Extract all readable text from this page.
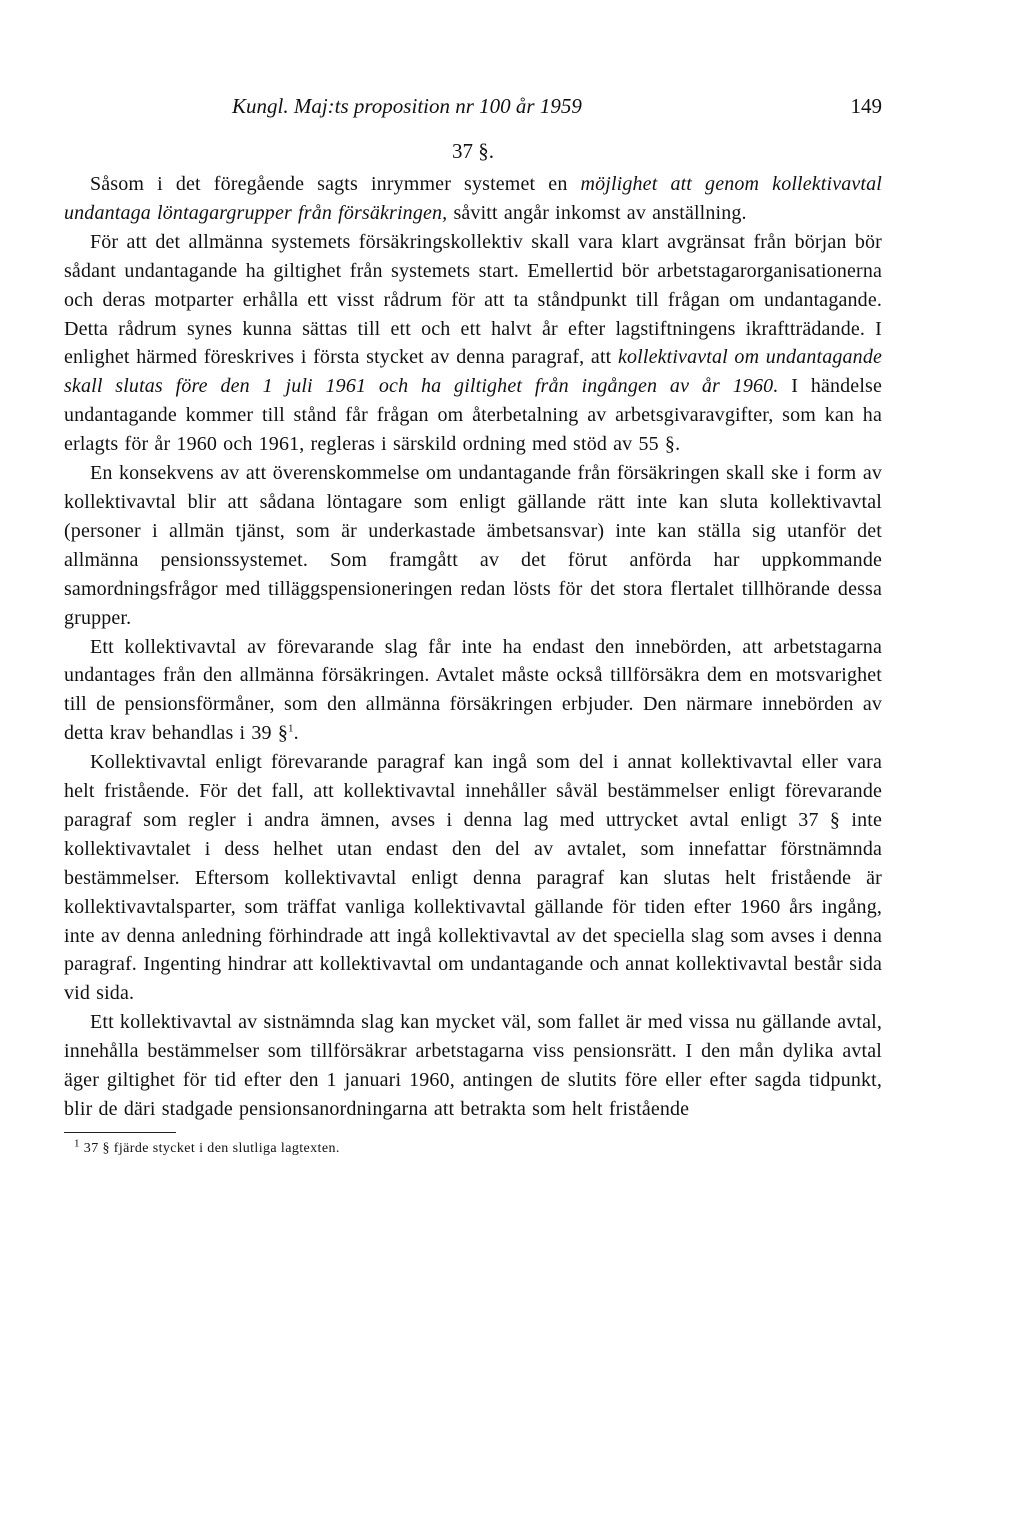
Kungl. Maj:ts proposition nr 100 år 1959	149
37 §.

Såsom i det föregående sagts inrymmer systemet en möjlighet att genom kollektivavtal undantaga löntagargrupper från försäkringen, såvitt angår inkomst av anställning.

För att det allmänna systemets försäkringskollektiv skall vara klart avgränsat från början bör sådant undantagande ha giltighet från systemets start. Emellertid bör arbetstagarorganisationerna och deras motparter erhålla ett visst rådrum för att ta ståndpunkt till frågan om undantagande. Detta rådrum synes kunna sättas till ett och ett halvt år efter lagstiftningens ikraftträdande. I enlighet härmed föreskrives i första stycket av denna paragraf, att kollektivavtal om undantagande skall slutas före den 1 juli 1961 och ha giltighet från ingången av år 1960. I händelse undantagande kommer till stånd får frågan om återbetalning av arbetsgivaravgifter, som kan ha erlagts för år 1960 och 1961, regleras i särskild ordning med stöd av 55 §.

En konsekvens av att överenskommelse om undantagande från försäkringen skall ske i form av kollektivavtal blir att sådana löntagare som enligt gällande rätt inte kan sluta kollektivavtal (personer i allmän tjänst, som är underkastade ämbetsansvar) inte kan ställa sig utanför det allmänna pensionssystemet. Som framgått av det förut anförda har uppkommande samordningsfrågor med tilläggspensioneringen redan lösts för det stora flertalet tillhörande dessa grupper.

Ett kollektivavtal av förevarande slag får inte ha endast den innebörden, att arbetstagarna undantages från den allmänna försäkringen. Avtalet måste också tillförsäkra dem en motsvarighet till de pensionsförmåner, som den allmänna försäkringen erbjuder. Den närmare innebörden av detta krav behandlas i 39 §$^1$.

Kollektivavtal enligt förevarande paragraf kan ingå som del i annat kollektivavtal eller vara helt fristående. För det fall, att kollektivavtal innehåller såväl bestämmelser enligt förevarande paragraf som regler i andra ämnen, avses i denna lag med uttrycket avtal enligt 37 § inte kollektivavtalet i dess helhet utan endast den del av avtalet, som innefattar förstnämnda bestämmelser. Eftersom kollektivavtal enligt denna paragraf kan slutas helt fristående är kollektivavtalsparter, som träffat vanliga kollektivavtal gällande för tiden efter 1960 års ingång, inte av denna anledning förhindrade att ingå kollektivavtal av det speciella slag som avses i denna paragraf. Ingenting hindrar att kollektivavtal om undantagande och annat kollektivavtal består sida vid sida.

Ett kollektivavtal av sistnämnda slag kan mycket väl, som fallet är med vissa nu gällande avtal, innehålla bestämmelser som tillförsäkrar arbetstagarna viss pensionsrätt. I den mån dylika avtal äger giltighet för tid efter den 1 januari 1960, antingen de slutits före eller efter sagda tidpunkt, blir de däri stadgade pensionsanordningarna att betrakta som helt fristående

$^1$ 37 § fjärde stycket i den slutliga lagtexten.
